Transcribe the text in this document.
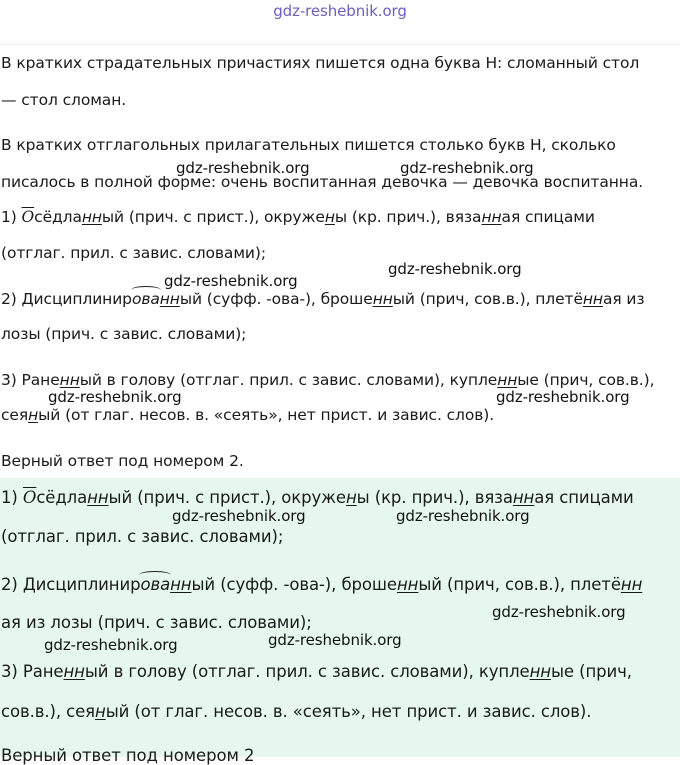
gdz-reshebnik.org
В кратких страдательных причастиях пишется одна буква Н: сломанный стол
— стол сломан.
В кратких отглагольных прилагательных пишется столько букв Н, сколько
писалось в полной форме: очень воспитанная девочка — девочка воспитанна.
1) Осёдланный (прич. с прист.), окружены (кр. прич.), вязанная спицами
(отглаг. прил. с завис. словами);
2) Дисциплинированный (суфф. -ова-), брошенный (прич, сов.в.), плетённая из
лозы (прич. с завис. словами);
3) Раненный в голову (отглаг. прил. с завис. словами), купленные (прич, сов.в.),
сеяный (от глаг. несов. в. «сеять», нет прист. и завис. слов).
Верный ответ под номером 2.
1) Осёдланный (прич. с прист.), окружены (кр. прич.), вязанная спицами
(отглаг. прил. с завис. словами);
2) Дисциплинированный (суфф. -ова-), брошенный (прич, сов.в.), плетённ
ая из лозы (прич. с завис. словами);
3) Раненный в голову (отглаг. прил. с завис. словами), купленные (прич,
сов.в.), сеяный (от глаг. несов. в. «сеять», нет прист. и завис. слов).
Верный ответ под номером 2
gdz-reshebnik.org	gdz-reshebnik.org
gdz-reshebnik.org
gdz-reshebnik.org
gdz-reshebnik.org	gdz-reshebnik.org
gdz-reshebnik.org	gdz-reshebnik.org
gdz-reshebnik.org
gdz-reshebnik.org
gdz-reshebnik.org
